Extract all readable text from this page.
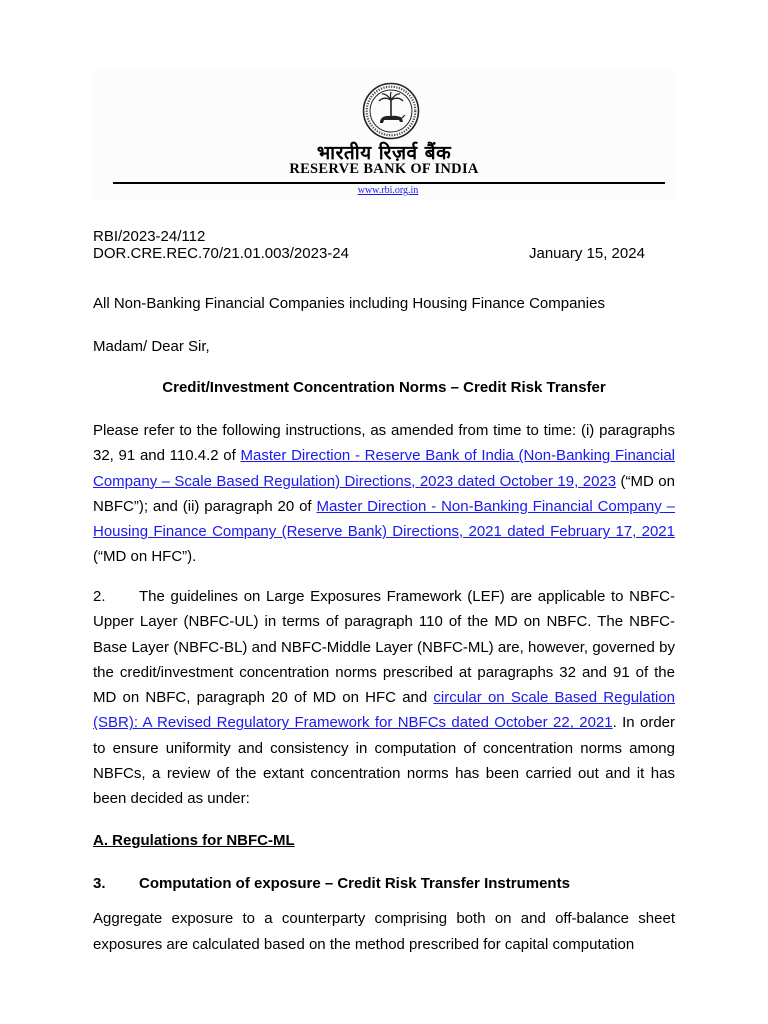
भारतीय रिज़र्व बैंक
RESERVE BANK OF INDIA
www.rbi.org.in
RBI/2023-24/112
DOR.CRE.REC.70/21.01.003/2023-24	January 15, 2024
All Non-Banking Financial Companies including Housing Finance Companies
Madam/ Dear Sir,
Credit/Investment Concentration Norms – Credit Risk Transfer
Please refer to the following instructions, as amended from time to time: (i) paragraphs 32, 91 and 110.4.2 of Master Direction - Reserve Bank of India (Non-Banking Financial Company – Scale Based Regulation) Directions, 2023 dated October 19, 2023 (“MD on NBFC”); and (ii) paragraph 20 of Master Direction - Non-Banking Financial Company – Housing Finance Company (Reserve Bank) Directions, 2021 dated February 17, 2021 (“MD on HFC”).
2. The guidelines on Large Exposures Framework (LEF) are applicable to NBFC-Upper Layer (NBFC-UL) in terms of paragraph 110 of the MD on NBFC. The NBFC-Base Layer (NBFC-BL) and NBFC-Middle Layer (NBFC-ML) are, however, governed by the credit/investment concentration norms prescribed at paragraphs 32 and 91 of the MD on NBFC, paragraph 20 of MD on HFC and circular on Scale Based Regulation (SBR): A Revised Regulatory Framework for NBFCs dated October 22, 2021. In order to ensure uniformity and consistency in computation of concentration norms among NBFCs, a review of the extant concentration norms has been carried out and it has been decided as under:
A. Regulations for NBFC-ML
3. Computation of exposure – Credit Risk Transfer Instruments
Aggregate exposure to a counterparty comprising both on and off-balance sheet exposures are calculated based on the method prescribed for capital computation
